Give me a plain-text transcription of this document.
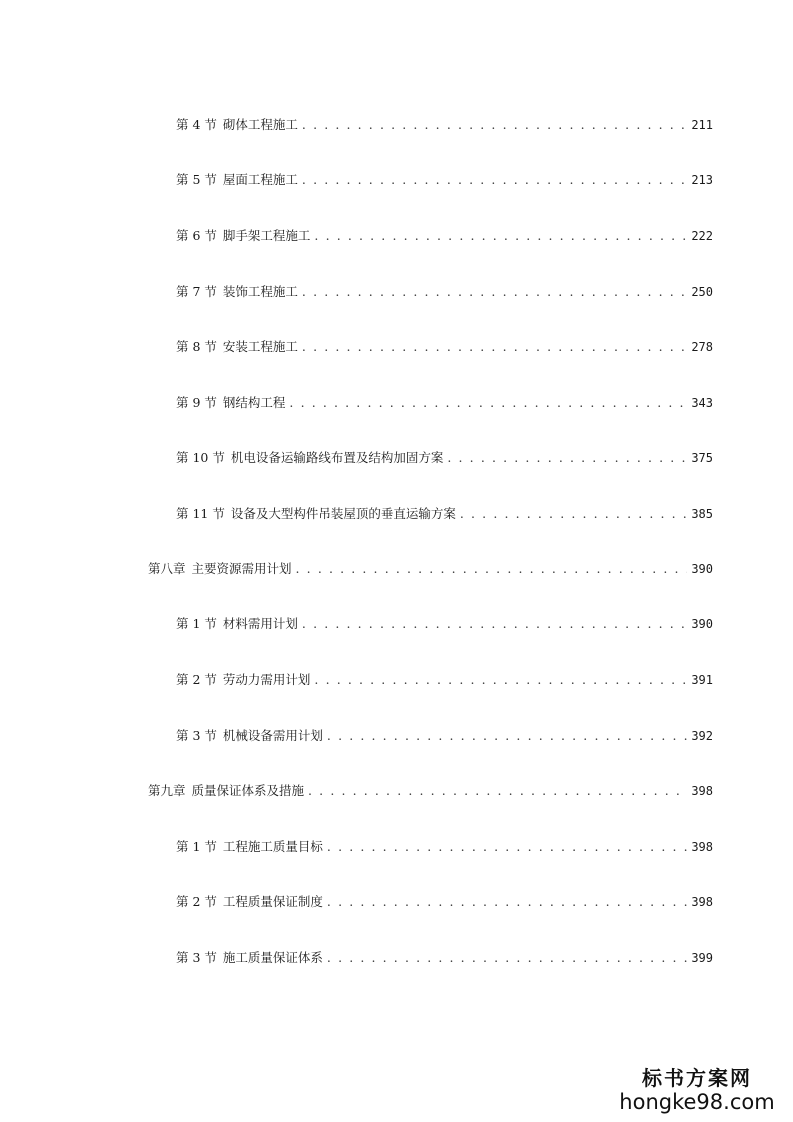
第 4 节 砌体工程施工 . . .	211
第 5 节 屋面工程施工 . . .	213
第 6 节 脚手架工程施工 . . .	222
第 7 节 装饰工程施工 . . .	250
第 8 节 安装工程施工 . . .	278
第 9 节 钢结构工程 . . .	343
第 10 节 机电设备运输路线布置及结构加固方案 . . .	375
第 11 节 设备及大型构件吊装屋顶的垂直运输方案 . . .	385
第八章 主要资源需用计划 . . .	390
第 1 节 材料需用计划 . . .	390
第 2 节 劳动力需用计划 . . .	391
第 3 节 机械设备需用计划 . . .	392
第九章 质量保证体系及措施 . . .	398
第 1 节 工程施工质量目标 . . .	398
第 2 节 工程质量保证制度 . . .	398
第 3 节 施工质量保证体系 . . .	399
标书方案网
hongke98.com
